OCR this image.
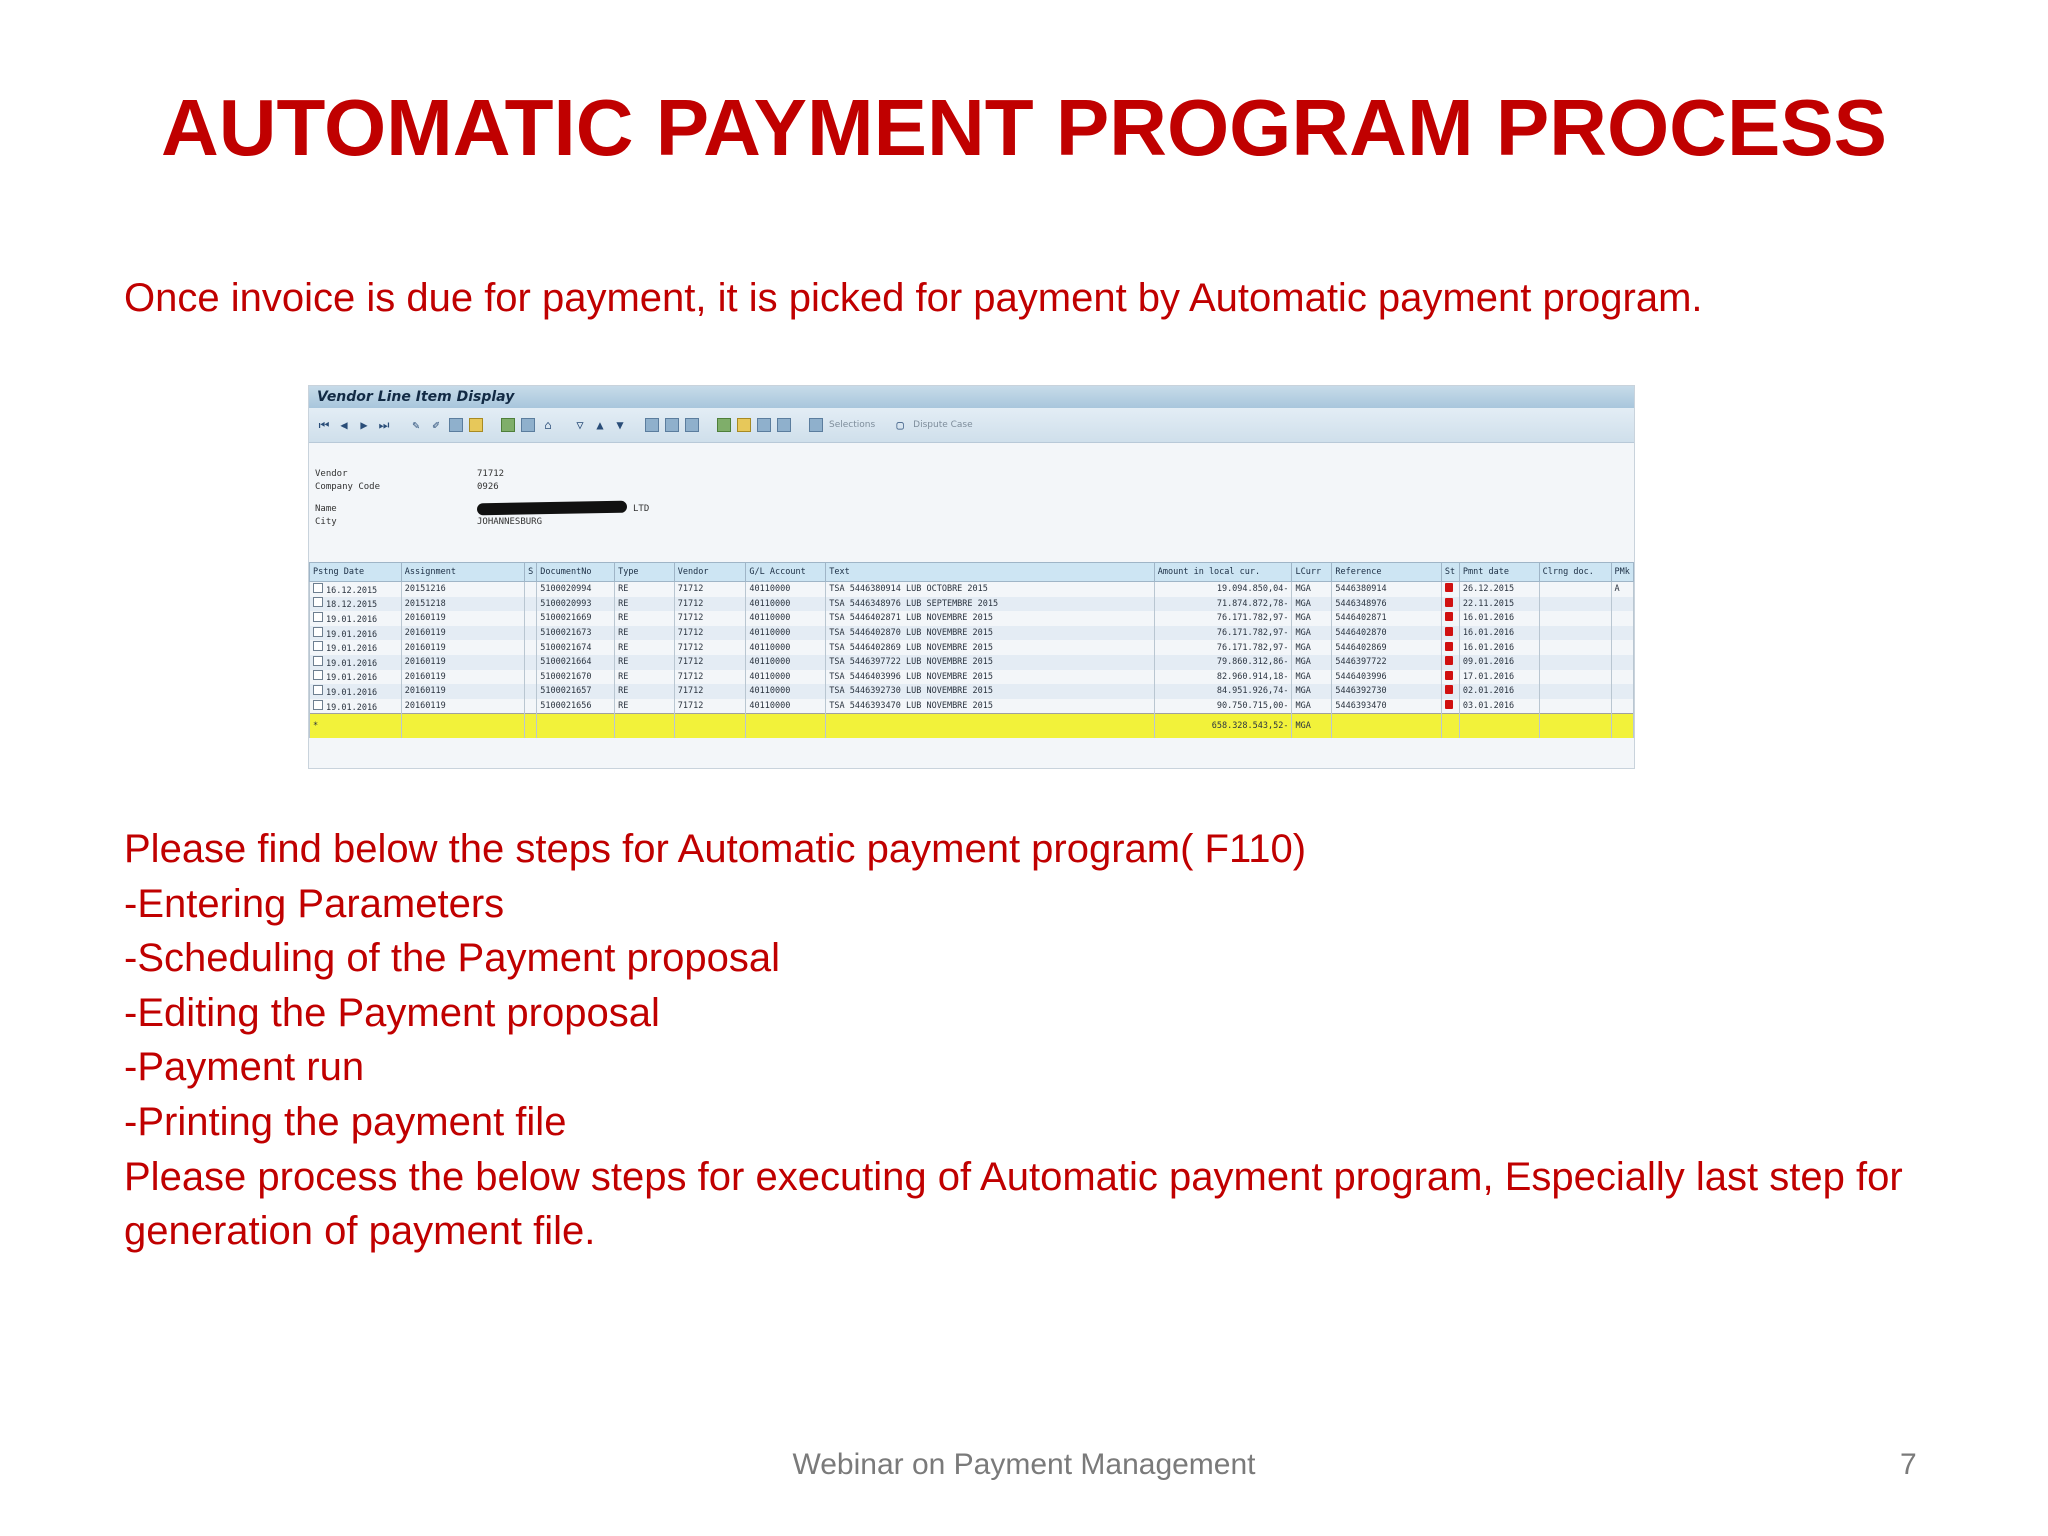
AUTOMATIC PAYMENT PROGRAM PROCESS
Once invoice is due for payment, it is picked for payment by Automatic payment program.
Vendor Line Item Display
⏮ ◀ ▶ ⏭ ✎ ✐	⌂ ▽ ▲ ▼	Selections ▢	Dispute Case
Vendor	71712
Company Code	0926
Name	LTD
City	JOHANNESBURG
Pstng Date	Assignment	S	DocumentNo	Type	Vendor	G/L Account	Text	Amount in local cur.	LCurr	Reference	St	Pmnt date	Clrng doc.	PMk
16.12.2015	20151216		5100020994	RE	71712	40110000	TSA 5446380914 LUB OCTOBRE 2015	19.094.850,04-	MGA	5446380914		26.12.2015		A
18.12.2015	20151218		5100020993	RE	71712	40110000	TSA 5446348976 LUB SEPTEMBRE 2015	71.874.872,78-	MGA	5446348976		22.11.2015		
19.01.2016	20160119		5100021669	RE	71712	40110000	TSA 5446402871 LUB NOVEMBRE 2015	76.171.782,97-	MGA	5446402871		16.01.2016		
19.01.2016	20160119		5100021673	RE	71712	40110000	TSA 5446402870 LUB NOVEMBRE 2015	76.171.782,97-	MGA	5446402870		16.01.2016		
19.01.2016	20160119		5100021674	RE	71712	40110000	TSA 5446402869 LUB NOVEMBRE 2015	76.171.782,97-	MGA	5446402869		16.01.2016		
19.01.2016	20160119		5100021664	RE	71712	40110000	TSA 5446397722 LUB NOVEMBRE 2015	79.860.312,86-	MGA	5446397722		09.01.2016		
19.01.2016	20160119		5100021670	RE	71712	40110000	TSA 5446403996 LUB NOVEMBRE 2015	82.960.914,18-	MGA	5446403996		17.01.2016		
19.01.2016	20160119		5100021657	RE	71712	40110000	TSA 5446392730 LUB NOVEMBRE 2015	84.951.926,74-	MGA	5446392730		02.01.2016		
19.01.2016	20160119		5100021656	RE	71712	40110000	TSA 5446393470 LUB NOVEMBRE 2015	90.750.715,00-	MGA	5446393470		03.01.2016		
*								658.328.543,52-	MGA					
Please find below the steps for Automatic payment program( F110)
-Entering Parameters
-Scheduling of the Payment proposal
-Editing the Payment proposal
-Payment run
-Printing the payment file
Please process the below steps for executing of Automatic payment program, Especially last step for generation of payment file.
Webinar on Payment Management	7
